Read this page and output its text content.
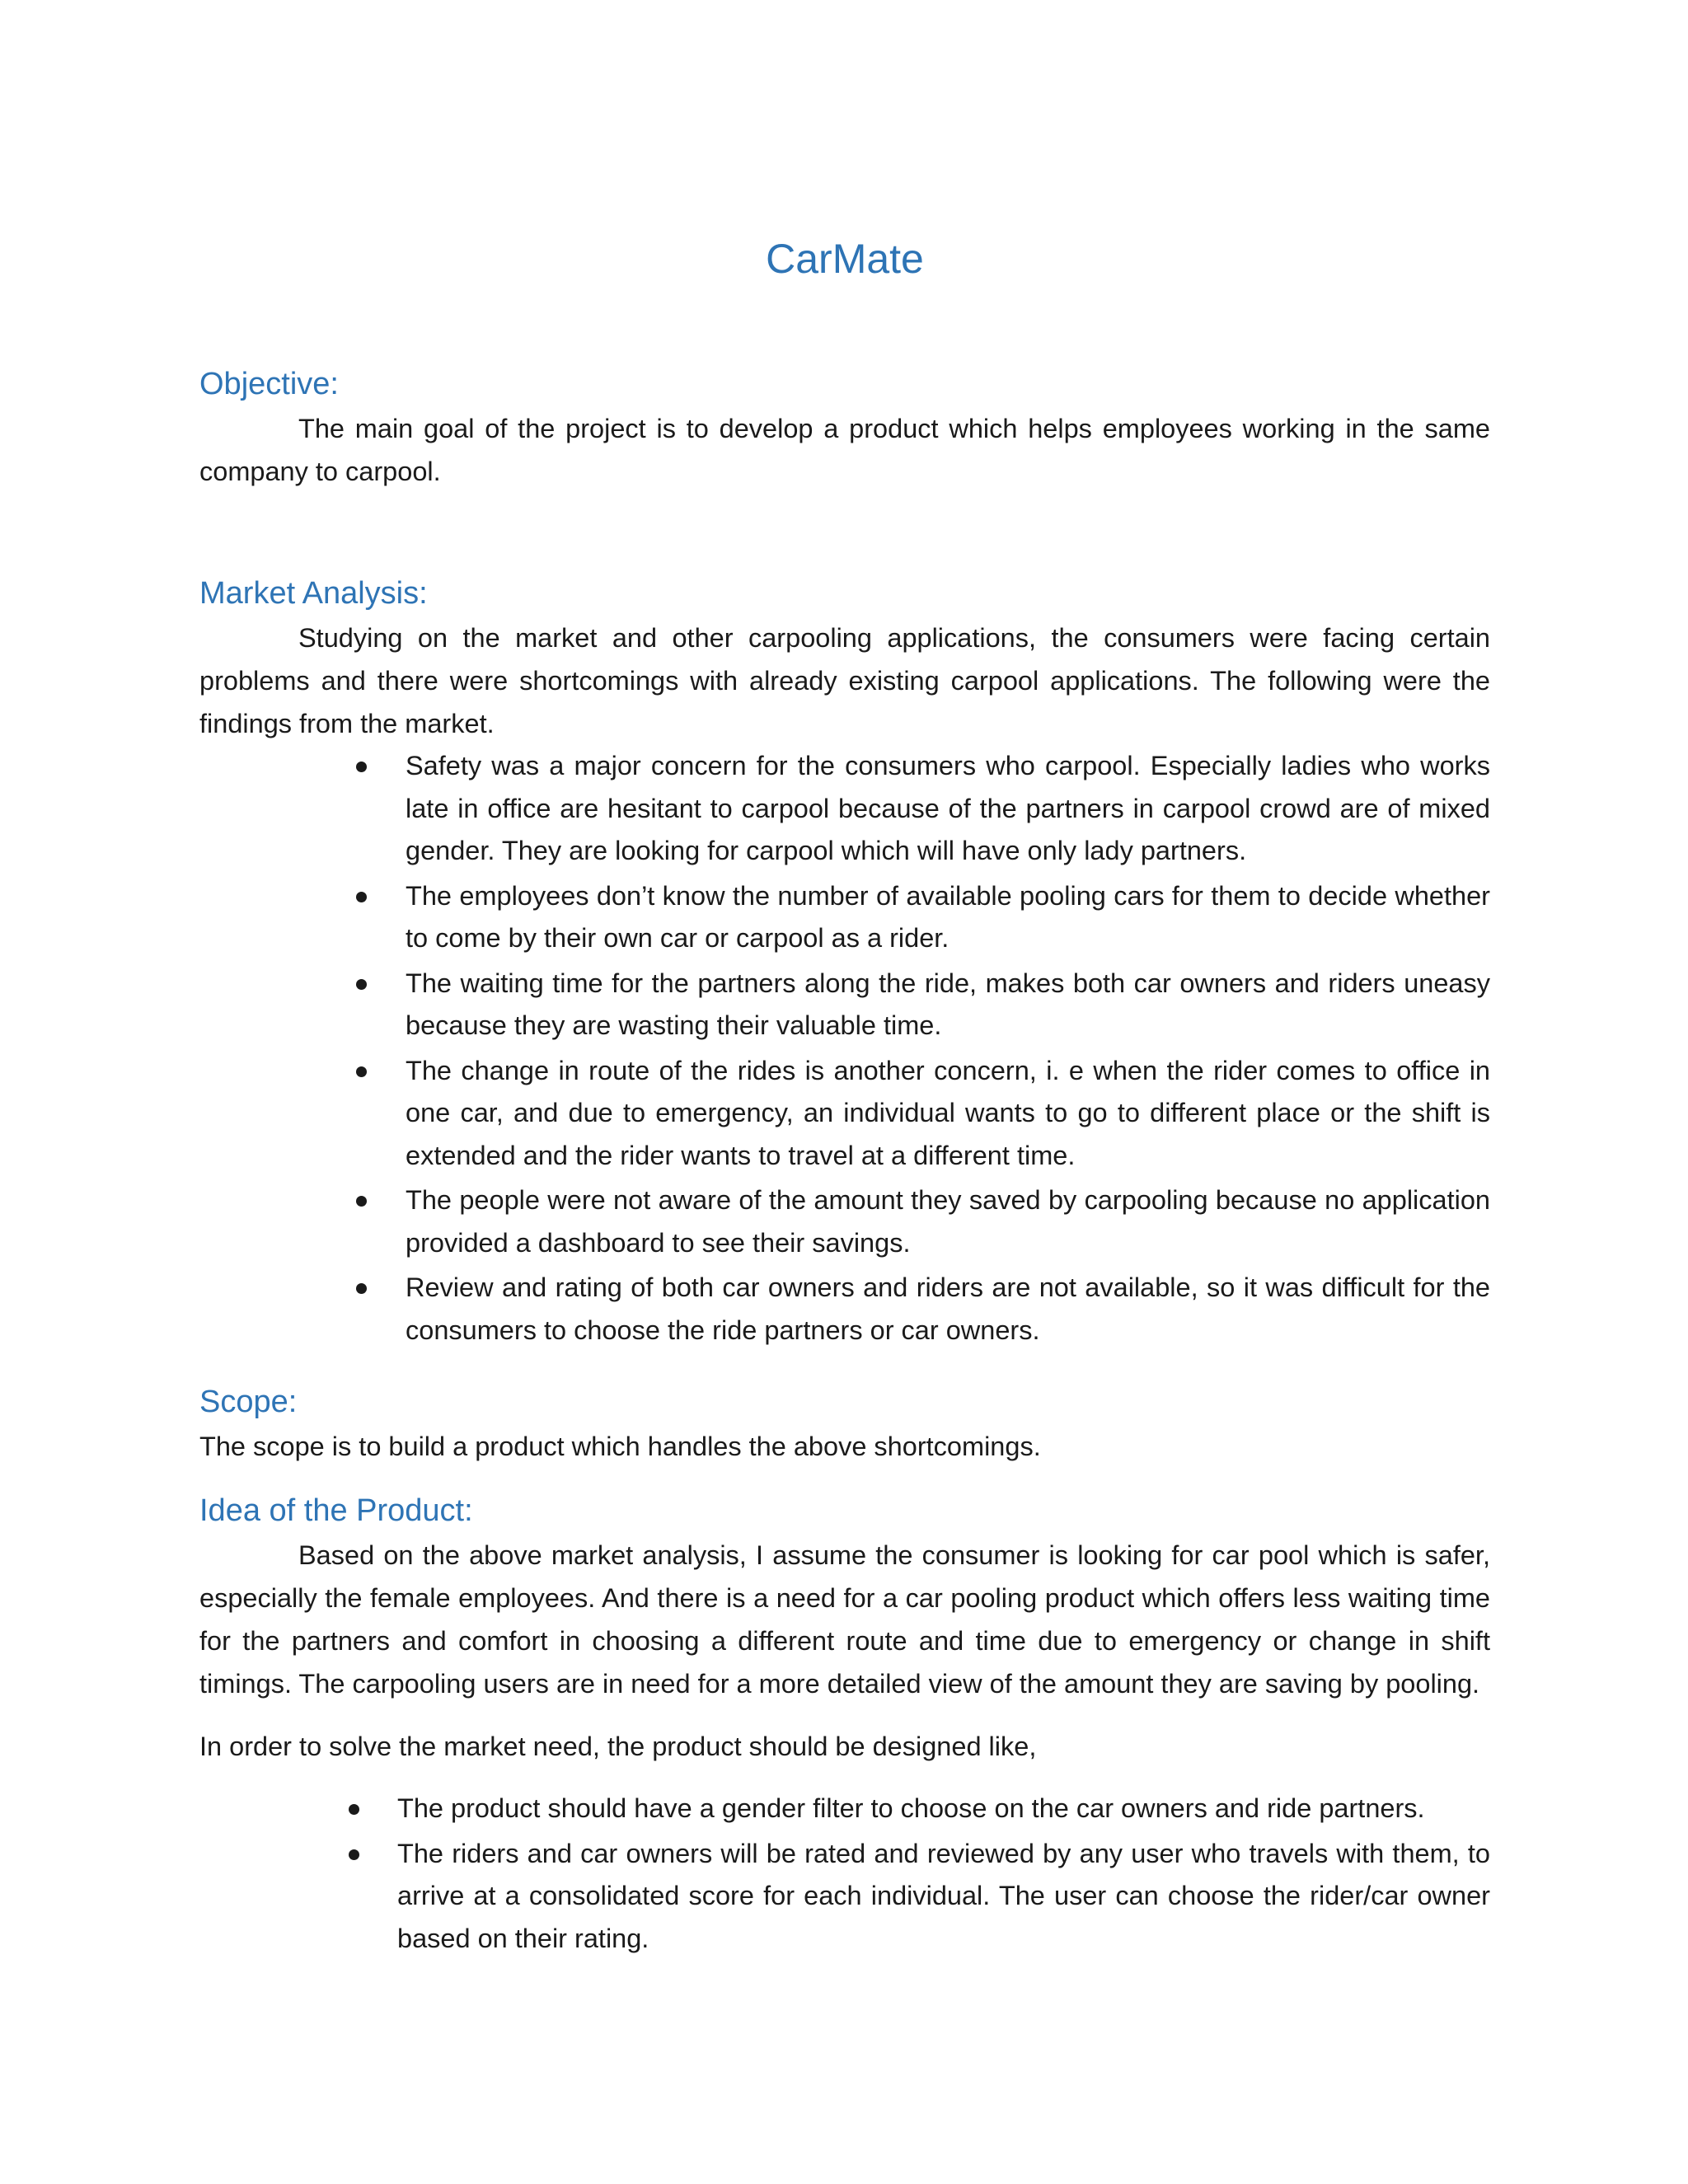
CarMate
Objective:

The main goal of the project is to develop a product which helps employees working in the same company to carpool.

Market Analysis:

Studying on the market and other carpooling applications, the consumers were facing certain problems and there were shortcomings with already existing carpool applications. The following were the findings from the market.

Safety was a major concern for the consumers who carpool. Especially ladies who works late in office are hesitant to carpool because of the partners in carpool crowd are of mixed gender. They are looking for carpool which will have only lady partners.
The employees don’t know the number of available pooling cars for them to decide whether to come by their own car or carpool as a rider.
The waiting time for the partners along the ride, makes both car owners and riders uneasy because they are wasting their valuable time.
The change in route of the rides is another concern, i. e when the rider comes to office in one car, and due to emergency, an individual wants to go to different place or the shift is extended and the rider wants to travel at a different time.
The people were not aware of the amount they saved by carpooling because no application provided a dashboard to see their savings.
Review and rating of both car owners and riders are not available, so it was difficult for the consumers to choose the ride partners or car owners.
Scope:

The scope is to build a product which handles the above shortcomings.

Idea of the Product:

Based on the above market analysis, I assume the consumer is looking for car pool which is safer, especially the female employees. And there is a need for a car pooling product which offers less waiting time for the partners and comfort in choosing a different route and time due to emergency or change in shift timings. The carpooling users are in need for a more detailed view of the amount they are saving by pooling.

In order to solve the market need, the product should be designed like,

The product should have a gender filter to choose on the car owners and ride partners.
The riders and car owners will be rated and reviewed by any user who travels with them, to arrive at a consolidated score for each individual. The user can choose the rider/car owner based on their rating.
